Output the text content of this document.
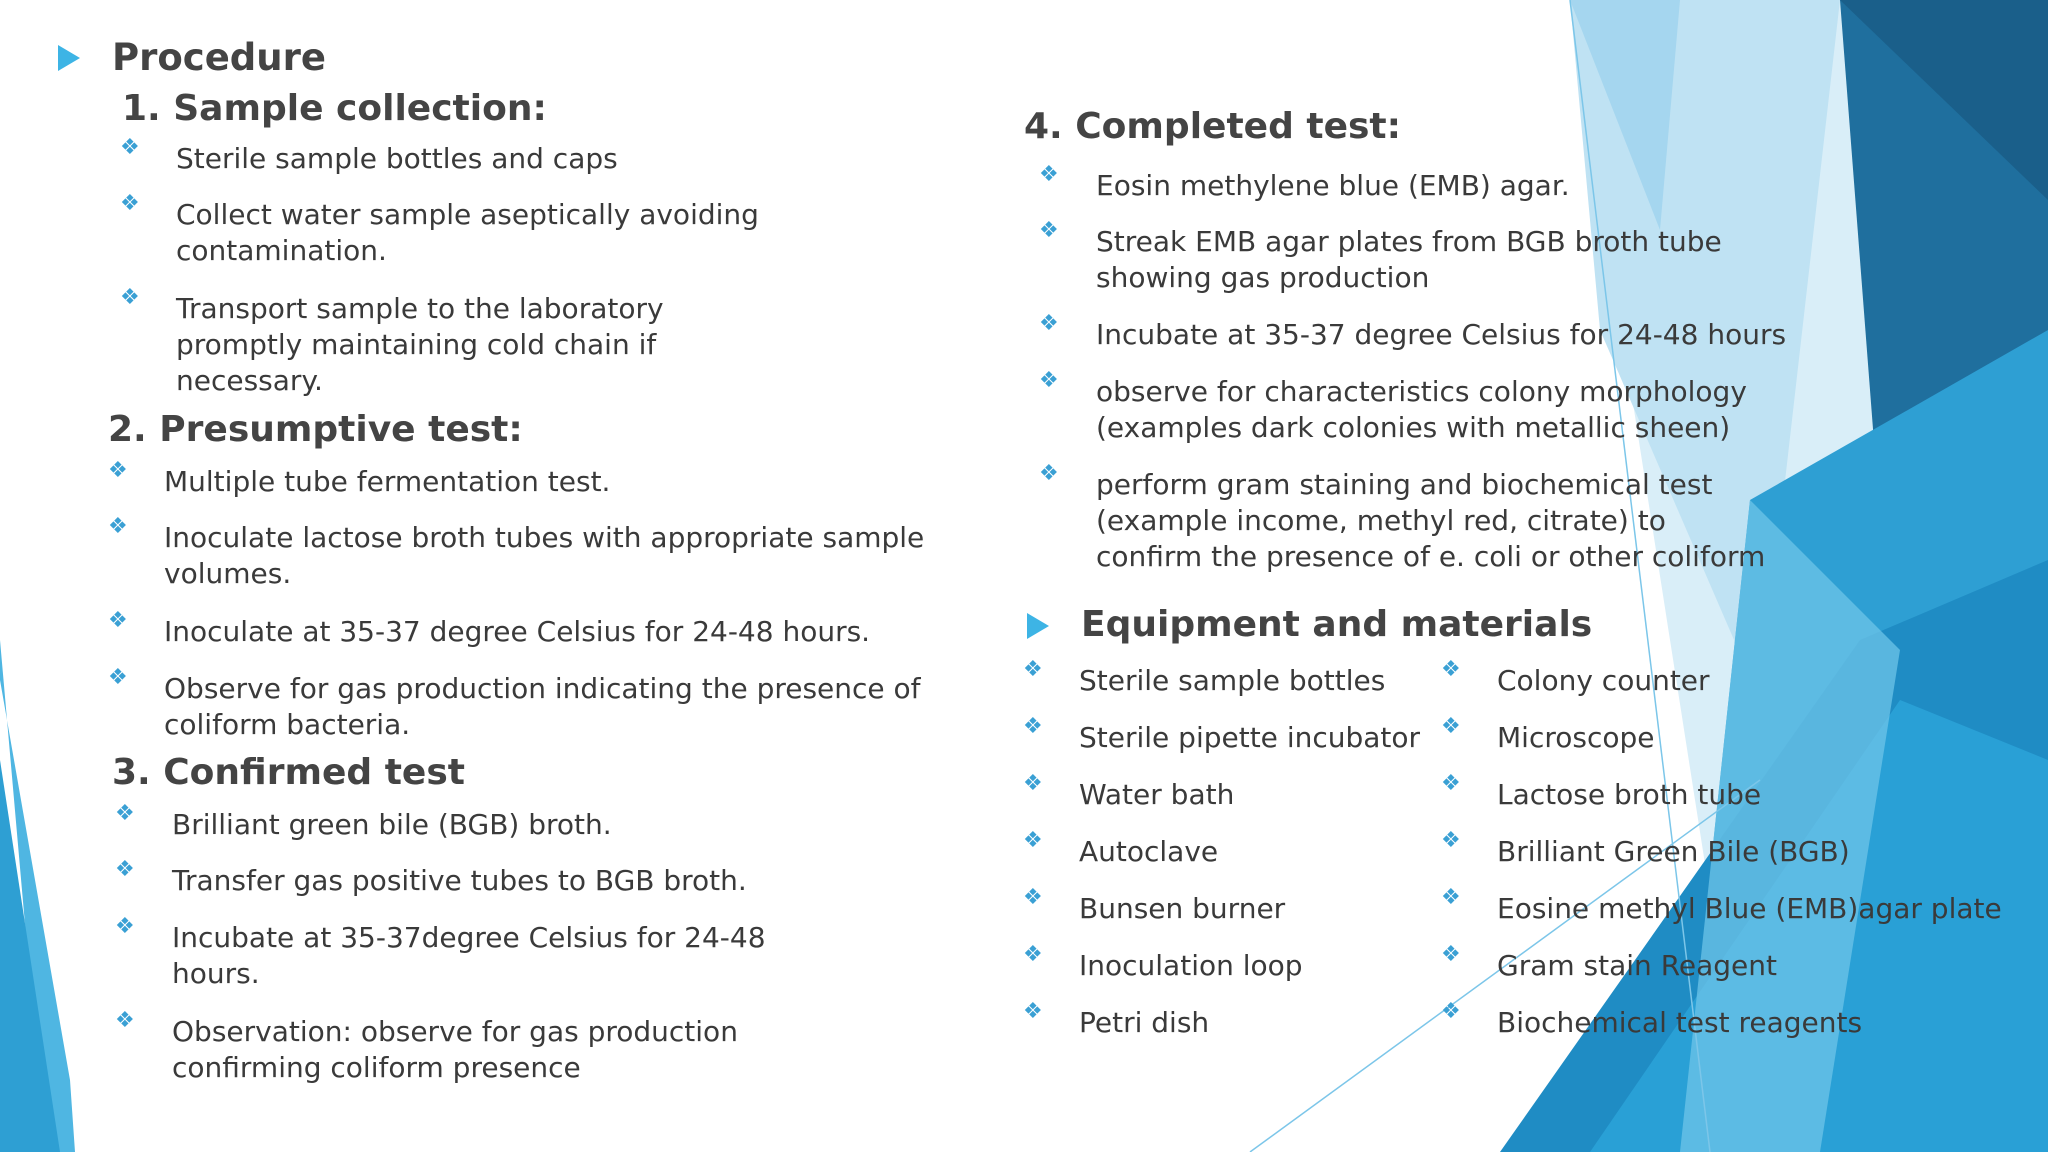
Procedure
1. Sample collection:
2. Presumptive test:
3. Confirmed test
4. Completed test:
Equipment and materials
❖ Sterile sample bottles and caps
❖ Collect water sample aseptically avoiding
contamination.
❖ Transport sample to the laboratory
promptly maintaining cold chain if
necessary.
❖ Multiple tube fermentation test.
❖ Inoculate lactose broth tubes with appropriate sample
volumes.
❖ Inoculate at 35-37 degree Celsius for 24-48 hours.
❖ Observe for gas production indicating the presence of
coliform bacteria.
❖ Brilliant green bile (BGB) broth.
❖ Transfer gas positive tubes to BGB broth.
❖ Incubate at 35-37degree Celsius for 24-48
hours.
❖ Observation: observe for gas production
confirming coliform presence
❖ Eosin methylene blue (EMB) agar.
❖ Streak EMB agar plates from BGB broth tube
showing gas production
❖ Incubate at 35-37 degree Celsius for 24-48 hours
❖ observe for characteristics colony morphology
(examples dark colonies with metallic sheen)
❖ perform gram staining and biochemical test
(example income, methyl red, citrate) to
confirm the presence of e. coli or other coliform
❖ Sterile sample bottles
❖ Sterile pipette incubator
❖ Water bath
❖ Autoclave
❖ Bunsen burner
❖ Inoculation loop
❖ Petri dish
❖ Colony counter
❖ Microscope
❖ Lactose broth tube
❖ Brilliant Green Bile (BGB)
❖ Eosine methyl Blue (EMB)agar plate
❖ Gram stain Reagent
❖ Biochemical test reagents
